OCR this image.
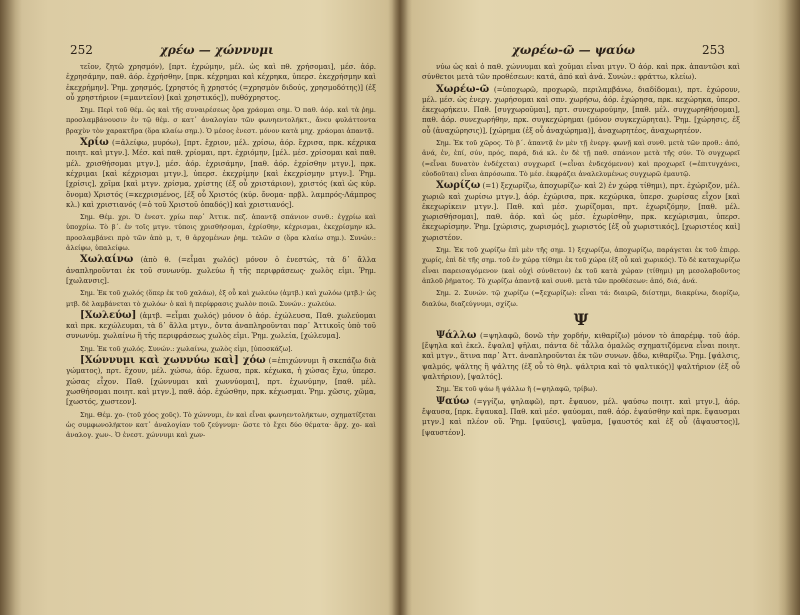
252	χρέω — χώννυμι

τεῖον, ζητῶ χρησμόν), [πρτ. ἐχρώμην, μέλ. ὡς καὶ πθ. χρήσομαι], μέσ. ἀόρ. ἐχρησάμην, παθ. ἀόρ. ἐχρήσθην, [πρκ. κέχρημαι καὶ κέχρηκα, ὑπερσ. ἐκεχρήσμην καὶ ἐκεχρήμην]. Ῥημ. χρησμός, [χρηστός ἢ χρηστός (=χρησμὸν διδούς, χρησμοδότης)] (ἐξ οὗ χρηστήριον (=μαντεῖον) [καὶ χρηστικός]), πυθόχρηστος.

Σημ. Περὶ τοῦ θέμ. ὡς καὶ τῆς συναιρέσεως ὅρα χράομαι σημ. Ὁ παθ. ἀόρ. καὶ τὰ ῥημ. προσλαμβάνουσιν ἐν τῷ θέμ. σ κατ᾽ ἀναλογίαν τῶν φωνηεντολήκτ., ἄνευ φυλάττοντα βραχὺν τὸν χαρακτῆρα (ὅρα κλαίω σημ.). Ὁ μέσος ἐνεστ. μόνον κατὰ μηχ. χράομαι ἀπαντᾷ.

Χρίω (=ἀλείφω, μυρόω), [πρτ. ἔχριον, μέλ. χρίσω, ἀόρ. ἔχρισα, πρκ. κέχρικα ποιητ. καὶ μτγν.]. Μέσ. καὶ παθ. χρίομαι, πρτ. ἐχριόμην, [μέλ. μέσ. χρίσομαι καὶ παθ. μέλ. χρισθήσομαι μτγν.], μέσ. ἀόρ. ἐχρισάμην, [παθ. ἀόρ. ἐχρίσθην μτγν.], πρκ. κέχριμαι [καὶ κέχρισμαι μτγν.], ὑπερσ. ἐκεχρίμην [καὶ ἐκεχρίσμην μτγν.]. Ῥημ. [χρίσις], χρῖμα [καὶ μτγν. χρίσμα, χρίστης (ἐξ οὗ χριστάριον), χριστός (καὶ ὡς κύρ. ὄνομα) Χριστός (=κεχρισμένος, [ἐξ οὗ Χριστός (κύρ. ὄνομα· πρβλ. λαμπρός-Λάμπρος κλ.) καὶ χριστιανός (=ὁ τοῦ Χριστοῦ ὀπαδός)] καὶ χριστιανός].

Σημ. Θέμ. χρι. Ὁ ἐνεστ. χρίω παρ᾽ Ἀττικ. πεζ. ἀπαντᾷ σπάνιον συνθ.: ἐγχρίω καὶ ὑποχρίω. Τὸ β´. ἐν τοῖς μτγν. τύποις χρισθήσομαι, ἐχρίσθην, κέχρισμαι, ἐκεχρίσμην κλ. προσλαμβάνει πρὸ τῶν ἀπὸ μ, τ, θ ἀρχομένων ῥημ. τελῶν σ (ὅρα κλαίω σημ.). Συνών.: ἀλείφω, ὑπαλείφω.

Χωλαίνω (ἀπὸ θ. (=εἶμαι χωλός) μόνον ὁ ἐνεστώς, τὰ δ᾽ ἄλλα ἀναπληροῦνται ἐκ τοῦ συνωνύμ. χωλεύω ἢ τῆς περιφράσεως· χωλὸς εἰμι. Ῥημ. [χωλανσις].

Σημ. Ἐκ τοῦ χωλός (ὅπερ ἐκ τοῦ χαλάω), ἐξ οὗ καὶ χωλεύω (ἀμτβ.) καὶ χωλόω (μτβ.)· ὡς μτβ. δὲ λαμβάνεται τὸ χωλόω· ὁ καὶ ἡ περίφρασις χωλὸν ποιῶ. Συνών.: χωλεύω.

[Χωλεύω] (ἀμτβ. =εἶμαι χωλός) μόνον ὁ ἀόρ. ἐχώλευσα, Παθ. χωλεύομαι καὶ πρκ. κεχώλευμαι, τὰ δ᾽ ἄλλα μτγν., ὄντα ἀναπληροῦνται παρ᾽ Ἀττικοῖς ὑπὸ τοῦ συνωνύμ. χωλαίνω ἢ τῆς περιφράσεως χωλὸς εἰμι. Ῥημ. χωλεία, [χώλευμα].

Σημ. Ἐκ τοῦ χωλός. Συνών.: χωλαίνω, χωλὸς εἰμι, [ὑποσκάζω].

[Χώννυμι καὶ χωννύω καὶ] χόω (=ἐπιχώννυμι ἢ σκεπάζω διὰ γώματος), πρτ. ἔχουν, μέλ. χώσω, ἀόρ. ἔχωσα, πρκ. κέχωκα, ἡ χώσας ἔχω, ὑπερσ. χώσας εἶχον. Παθ. [χώννυμαι καὶ χωννύομαι], πρτ. ἐχωνύμην, [παθ. μέλ. χωσθήσομαι ποιητ. καὶ μτγν.], παθ. ἀόρ. ἐχώσθην, πρκ. κέχωσμαι. Ῥημ. χῶσις, χῶμα, [χωστός, χωστεον].

Σημ. Θέμ. χο- (τοῦ χόος χοῦς). Τὸ χώννυμι, ἐν καὶ εἶναι φωνηεντολήκτων, σχηματίζεται ὡς συμφωνολήκτον κατ᾽ ἀναλογίαν τοῦ ζεύγνυμι· ὥστε τὸ ἔχει δύο θέματα· ἄρχ. χο- καὶ ἀναλογ. χων-. Ὁ ἐνεστ. χώννυμι καὶ χων-

χωρέω-ῶ — ψαύω	253

νύω ὡς καὶ ὁ παθ. χώννυμαι καὶ χοῦμαι εἶναι μτγν. Ὁ ἀόρ. καὶ πρκ. ἀπαντῶσι καὶ σύνθετοι μετὰ τῶν προθέσεων: κατά, ἀπό καὶ ἀνά. Συνών.: φράττω, κλείω).

Χωρέω-ῶ (=ὑποχωρῶ, προχωρῶ, περιλαμβάνω, διαδίδομαι), πρτ. ἐχώρουν, μέλ. μέσ. ὡς ἐνεργ. χωρήσομαι καὶ σπν. χωρήσω, ἀόρ. ἐχώρησα, πρκ. κεχώρηκα, ὑπερσ. ἐκεχωρήκειν. Παθ. [συγχωροῦμαι], πρτ. συνεχωρούμην, [παθ. μέλ. συγχωρηθήσομαι], παθ. ἀόρ. συνεχωρήθην, πρκ. συγκεχώρημαι (μόνον συγκεχώρηται). Ῥημ. [χώρησις, ἐξ οὗ (ἀναχώρησις)], [χώρημα (ἐξ οὗ ἀναχώρημα)], ἀναχωρητέος, ἀναχωρητέον.

Σημ. Ἐκ τοῦ χῶρος. Τὸ β´. ἀπαντᾷ ἐν μὲν τῇ ἐνεργ. φωνῇ καὶ συνθ. μετὰ τῶν προθ.: ἀπό, ἀνά, ἐν, ἐπί, σύν, πρός, παρά, διά κλ. ἐν δὲ τῇ παθ. σπάνιον μετὰ τῆς σύν. Τὸ συγχωρεῖ (=εἶναι δυνατὸν ἐνδέχεται) συγχωρεῖ (=εἶναι ἐνδεχόμενον) καὶ προχωρεῖ (=ἐπιτυγχάνει, εὐοδοῦται) εἶναι ἀπρόσωπα. Τὸ μέσ. ἐκφράζει ἀναλελυμένως συγχωρῶ ἐμαυτῷ.

Χωρίζω (=1) ξεχωρίζω, ἀποχωρίζω· καὶ 2) ἐν χώρᾳ τίθημι), πρτ. ἐχώριζον, μέλ. χωριῶ καὶ χωρίσω μτγν.], ἀόρ. ἐχώρισα, πρκ. κεχώρικα, ὑπερσ. χωρίσας εἶχον [καὶ ἐκεχωρίκειν μτγν.]. Παθ. καὶ μέσ. χωρίζομαι, πρτ. ἐχωριζόμην, [παθ. μέλ. χωρισθήσομαι], παθ. ἀόρ. καὶ ὡς μέσ. ἐχωρίσθην, πρκ. κεχώρισμαι, ὑπερσ. ἐκεχωρίσμην. Ῥημ. [χώρισις, χωρισμός], χωριστός [ἐξ οὗ χωριστικός], [χωριστέος καὶ] χωριστέον.

Σημ. Ἐκ τοῦ χωρίζω ἐπὶ μὲν τῆς σημ. 1) ξεχωρίζω, ἀποχωρίζω, παράγεται ἐκ τοῦ ἐπιρρ. χωρίς, ἐπὶ δὲ τῆς σημ. τοῦ ἐν χώρᾳ τίθημι ἐκ τοῦ χώρα (ἐξ οὗ καὶ χωρικός). Τὸ δὲ καταχωρίζω εἶναι παρεισαγόμενον (καὶ οὐχὶ σύνθετον) ἐκ τοῦ κατὰ χώραν (τίθημι) μη μεσολαβοῦντος ἀπλοῦ ῥήματος. Τὸ χωρίζω ἀπαντᾷ καὶ συνθ. μετὰ τῶν προθέσεων: ἀπό, διά, ἀνά.

Σημ. 2. Συνών. τῷ χωρίζω (=ξεχωρίζω): εἶναι τά: διαιρῶ, διίστημι, διακρίνω, διορίζω, διαλύω, διαζεύγνυμι, σχίζω.

Ψ

Ψάλλω (=ψηλαφῶ, δονῶ τὴν χορδήν, κιθαρίζω) μόνον τὸ ἀπαρέμφ. τοῦ ἀόρ. [ἔψηλα καὶ ἐκελ. ἔψαλα] ψῆλαι, πάντα δὲ τἆλλα ὁμαλῶς σχηματιζόμενα εἶναι ποιητ. καὶ μτγν., ἅτινα παρ᾽ Ἀττ. ἀναπληροῦνται ἐκ τῶν συνων. ᾄδω, κιθαρίζω. Ῥημ. [ψάλσις, ψαλμός, ψάλτης ἢ ψάλτης (ἐξ οὗ τὸ θηλ. ψάλτρια καὶ τὸ ψαλτικός)] ψαλτήριον (ἐξ οὗ ψαλτήριον), [ψαλτός].

Σημ. Ἐκ τοῦ ψάω ἢ ψάλλω ἢ (=ψηλαφῶ, τρίβω).

Ψαύω (=γγίζω, ψηλαφῶ), πρτ. ἔψαυον, μέλ. ψαύσω ποιητ. καὶ μτγν.], ἀόρ. ἔψαυσα, [πρκ. ἔψαυκα]. Παθ. καὶ μέσ. ψαύομαι, παθ. ἀόρ. ἐψαύσθην καὶ πρκ. ἔψαυσμαι μτγν.] καὶ πλέον οὕ. Ῥημ. [ψαῦσις], ψαῦσμα, [ψαυστός καὶ ἐξ οὗ (ἄψαυστος)], [ψαυστέον].
